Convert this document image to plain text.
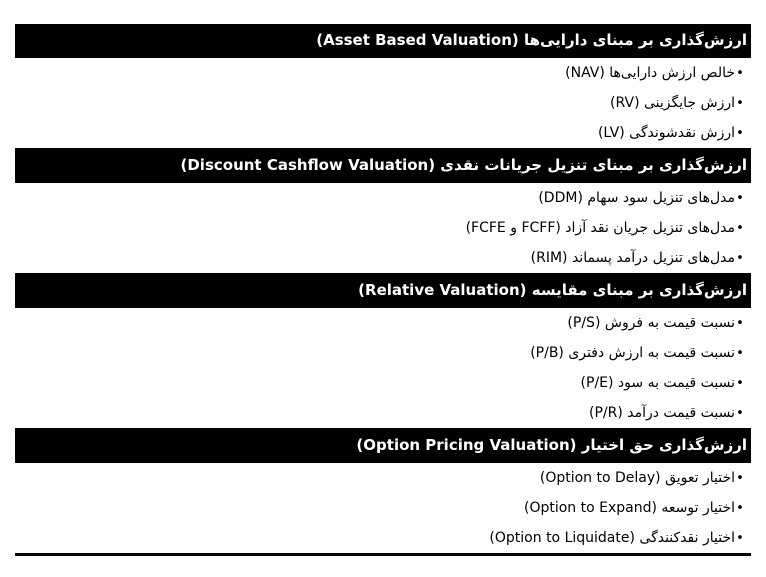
ارزش‌گذاری بر مبنای دارایی‌ها (Asset Based Valuation)
•خالص ارزش دارایی‌ها (NAV)
•ارزش جایگزینی (RV)
•ارزش نقدشوندگی (LV)
ارزش‌گذاری بر مبنای تنزیل جریانات نقدی (Discount Cashflow Valuation)
•مدل‌های تنزیل سود سهام (DDM)
•مدل‌های تنزیل جریان نقد آزاد (FCFF و FCFE)
•مدل‌های تنزیل درآمد پسماند (RIM)
ارزش‌گذاری بر مبنای مقایسه (Relative Valuation)
•نسبت قیمت به فروش (P/S)
•نسبت قیمت به ارزش دفتری (P/B)
•نسبت قیمت به سود (P/E)
•نسبت قیمت درآمد (P/R)
ارزش‌گذاری حق اختیار (Option Pricing Valuation)
•اختیار تعویق (Option to Delay)
•اختیار توسعه (Option to Expand)
•اختیار نقدکنندگی (Option to Liquidate)
